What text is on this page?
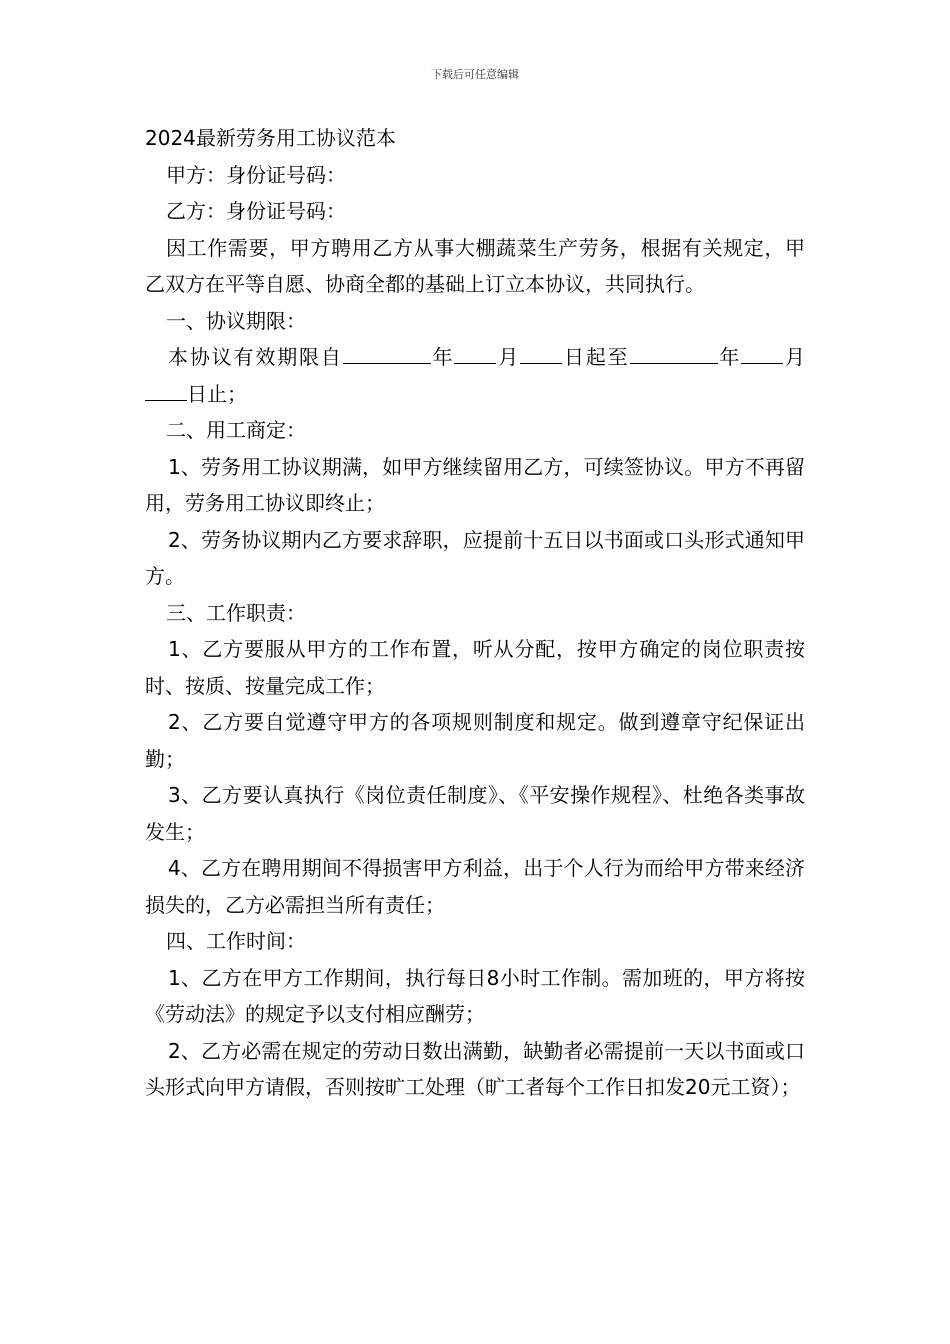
下载后可任意编辑

2024最新劳务用工协议范本

甲方：身份证号码：

乙方：身份证号码：

因工作需要，甲方聘用乙方从事大棚蔬菜生产劳务，根据有关规定，甲乙双方在平等自愿、协商全都的基础上订立本协议，共同执行。

一、协议期限：

本协议有效期限自	年 月 日起至	年 月日止；

二、用工商定：

1、劳务用工协议期满，如甲方继续留用乙方，可续签协议。甲方不再留用，劳务用工协议即终止；

2、劳务协议期内乙方要求辞职，应提前十五日以书面或口头形式通知甲方。

三、工作职责：

1、乙方要服从甲方的工作布置，听从分配，按甲方确定的岗位职责按时、按质、按量完成工作；

2、乙方要自觉遵守甲方的各项规则制度和规定。做到遵章守纪保证出勤；

3、乙方要认真执行《岗位责任制度》、《平安操作规程》、杜绝各类事故发生；

4、乙方在聘用期间不得损害甲方利益，出于个人行为而给甲方带来经济损失的，乙方必需担当所有责任；

四、工作时间：

1、乙方在甲方工作期间，执行每日8小时工作制。需加班的，甲方将按《劳动法》的规定予以支付相应酬劳；

2、乙方必需在规定的劳动日数出满勤，缺勤者必需提前一天以书面或口头形式向甲方请假，否则按旷工处理（旷工者每个工作日扣发20元工资）；
